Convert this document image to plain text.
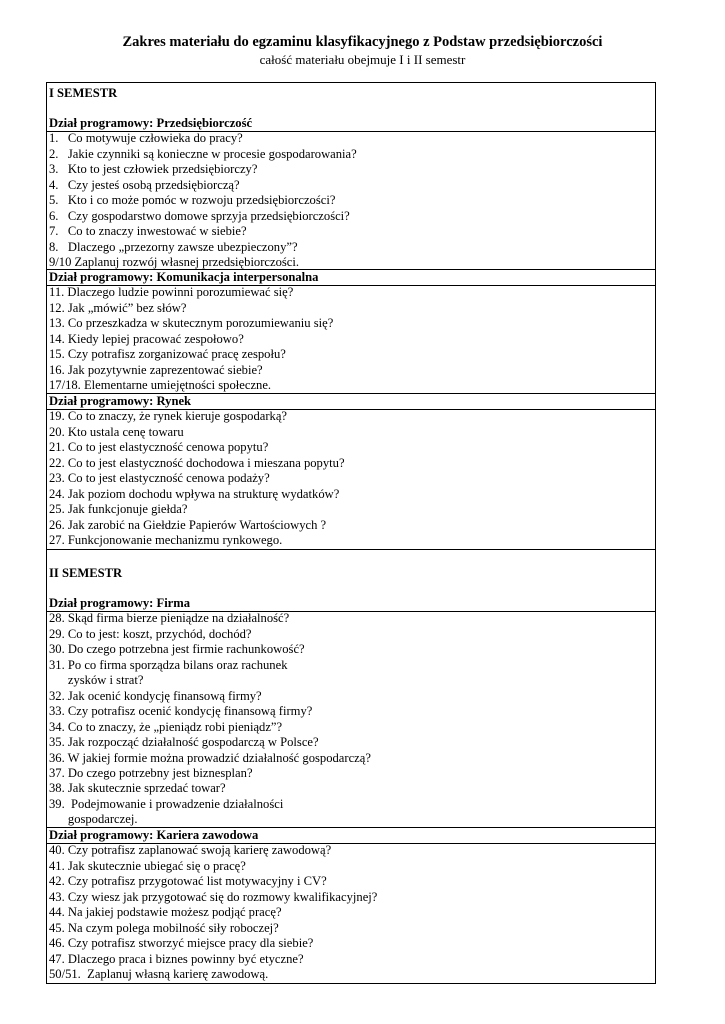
Zakres materiału do egzaminu klasyfikacyjnego z Podstaw przedsiębiorczości
całość materiału obejmuje I i II semestr
I SEMESTR
II SEMESTR
Dział programowy: Przedsiębiorczość
1.   Co motywuje człowieka do pracy?
2.   Jakie czynniki są konieczne w procesie gospodarowania?
3.   Kto to jest człowiek przedsiębiorczy?
4.   Czy jesteś osobą przedsiębiorczą?
5.   Kto i co może pomóc w rozwoju przedsiębiorczości?
6.   Czy gospodarstwo domowe sprzyja przedsiębiorczości?
7.   Co to znaczy inwestować w siebie?
8.   Dlaczego „przezorny zawsze ubezpieczony”?
9/10 Zaplanuj rozwój własnej przedsiębiorczości.
Dział programowy: Komunikacja interpersonalna
11. Dlaczego ludzie powinni porozumiewać się?
12. Jak „mówić” bez słów?
13. Co przeszkadza w skutecznym porozumiewaniu się?
14. Kiedy lepiej pracować zespołowo?
15. Czy potrafisz zorganizować pracę zespołu?
16. Jak pozytywnie zaprezentować siebie?
17/18. Elementarne umiejętności społeczne.
Dział programowy: Rynek
19. Co to znaczy, że rynek kieruje gospodarką?
20. Kto ustala cenę towaru
21. Co to jest elastyczność cenowa popytu?
22. Co to jest elastyczność dochodowa i mieszana popytu?
23. Co to jest elastyczność cenowa podaży?
24. Jak poziom dochodu wpływa na strukturę wydatków?
25. Jak funkcjonuje giełda?
26. Jak zarobić na Giełdzie Papierów Wartościowych ?
27. Funkcjonowanie mechanizmu rynkowego.
Dział programowy: Firma
28. Skąd firma bierze pieniądze na działalność?
29. Co to jest: koszt, przychód, dochód?
30. Do czego potrzebna jest firmie rachunkowość?
31. Po co firma sporządza bilans oraz rachunek
zysków i strat?
32. Jak ocenić kondycję finansową firmy?
33. Czy potrafisz ocenić kondycję finansową firmy?
34. Co to znaczy, że „pieniądz robi pieniądz”?
35. Jak rozpocząć działalność gospodarczą w Polsce?
36. W jakiej formie można prowadzić działalność gospodarczą?
37. Do czego potrzebny jest biznesplan?
38. Jak skutecznie sprzedać towar?
39.  Podejmowanie i prowadzenie działalności
gospodarczej.
Dział programowy: Kariera zawodowa
40. Czy potrafisz zaplanować swoją karierę zawodową?
41. Jak skutecznie ubiegać się o pracę?
42. Czy potrafisz przygotować list motywacyjny i CV?
43. Czy wiesz jak przygotować się do rozmowy kwalifikacyjnej?
44. Na jakiej podstawie możesz podjąć pracę?
45. Na czym polega mobilność siły roboczej?
46. Czy potrafisz stworzyć miejsce pracy dla siebie?
47. Dlaczego praca i biznes powinny być etyczne?
50/51.  Zaplanuj własną karierę zawodową.
